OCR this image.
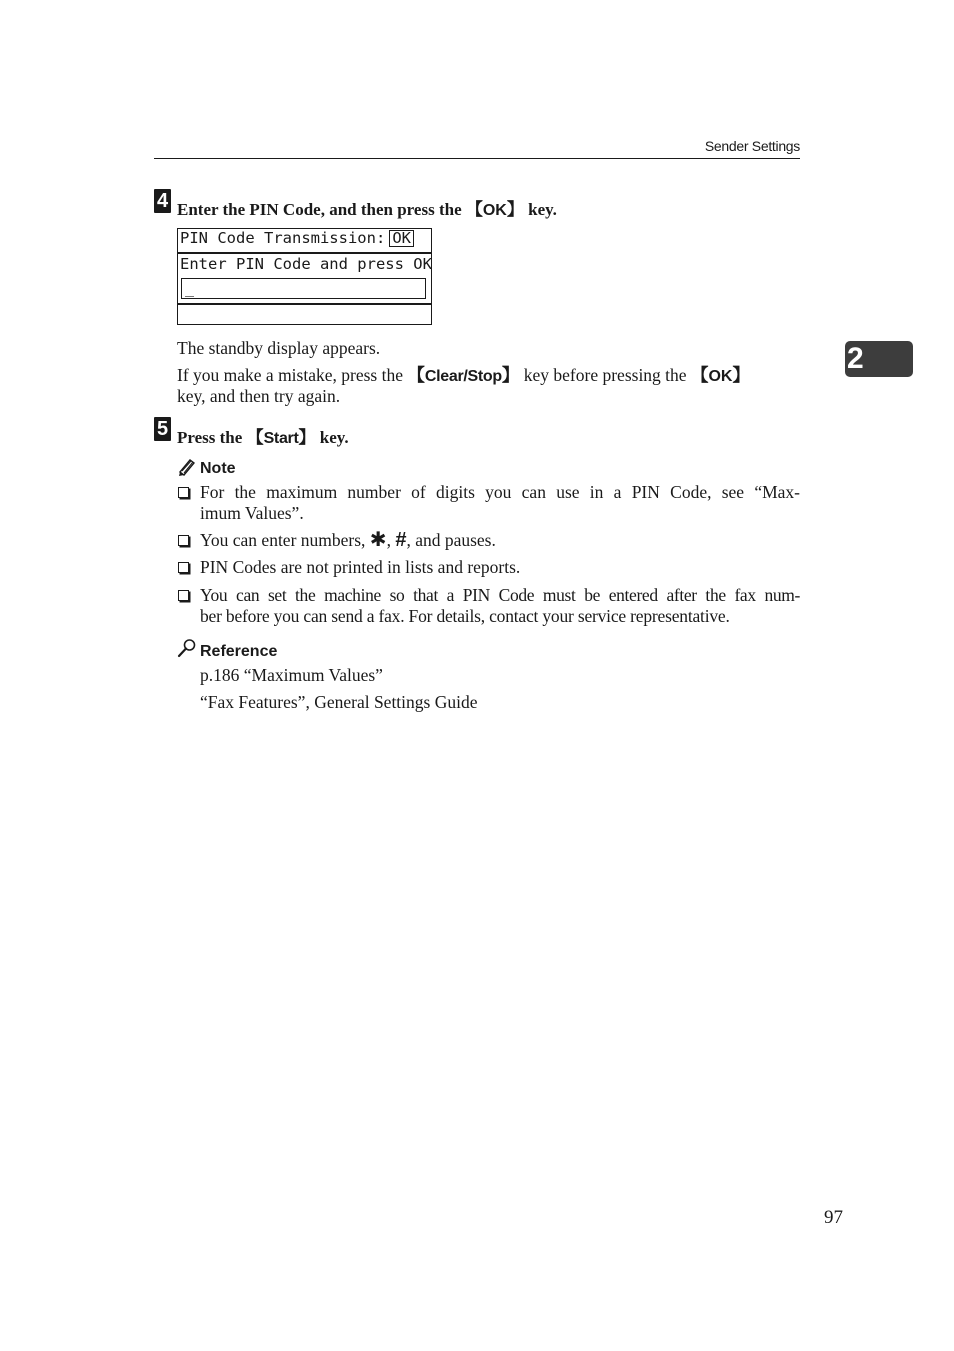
Sender Settings
2
4 Enter the PIN Code, and then press the 【OK】 key.
PIN Code Transmission: OK
Enter PIN Code and press OK
_
The standby display appears.
If you make a mistake, press the 【Clear/Stop】 key before pressing the 【OK】
key, and then try again.
5 Press the 【Start】 key.
Note
For the maximum number of digits you can use in a PIN Code, see “Max-
imum Values”.
You can enter numbers, ✱, #, and pauses.
PIN Codes are not printed in lists and reports.
You can set the machine so that a PIN Code must be entered after the fax num-
ber before you can send a fax. For details, contact your service representative.
Reference
p.186 “Maximum Values”
“Fax Features”, General Settings Guide
97
